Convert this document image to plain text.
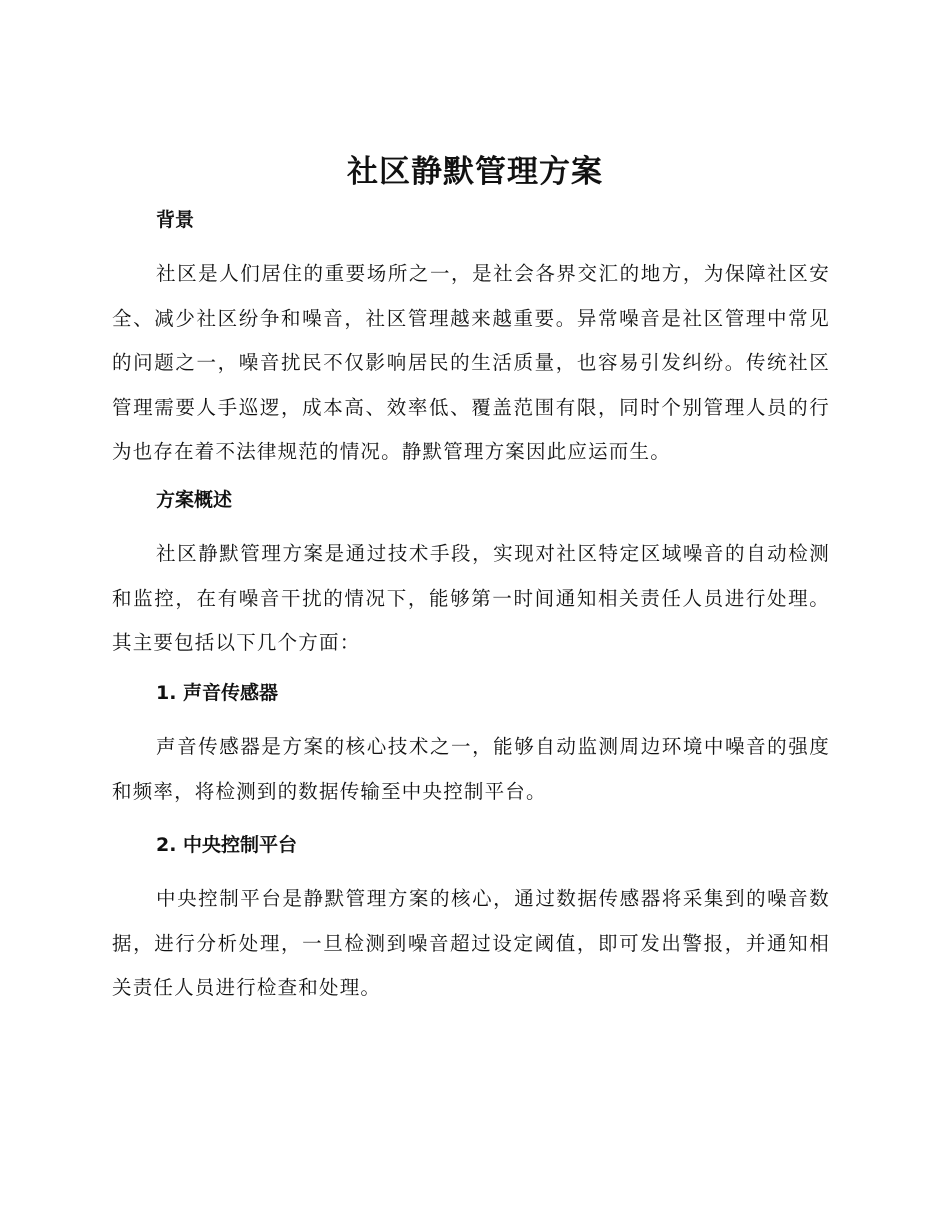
社区静默管理方案
背景

社区是人们居住的重要场所之一，是社会各界交汇的地方，为保障社区安全、减少社区纷争和噪音，社区管理越来越重要。异常噪音是社区管理中常见的问题之一，噪音扰民不仅影响居民的生活质量，也容易引发纠纷。传统社区管理需要人手巡逻，成本高、效率低、覆盖范围有限，同时个别管理人员的行为也存在着不法律规范的情况。静默管理方案因此应运而生。

方案概述

社区静默管理方案是通过技术手段，实现对社区特定区域噪音的自动检测和监控，在有噪音干扰的情况下，能够第一时间通知相关责任人员进行处理。其主要包括以下几个方面：

1. 声音传感器

声音传感器是方案的核心技术之一，能够自动监测周边环境中噪音的强度和频率，将检测到的数据传输至中央控制平台。

2. 中央控制平台

中央控制平台是静默管理方案的核心，通过数据传感器将采集到的噪音数据，进行分析处理，一旦检测到噪音超过设定阈值，即可发出警报，并通知相关责任人员进行检查和处理。
